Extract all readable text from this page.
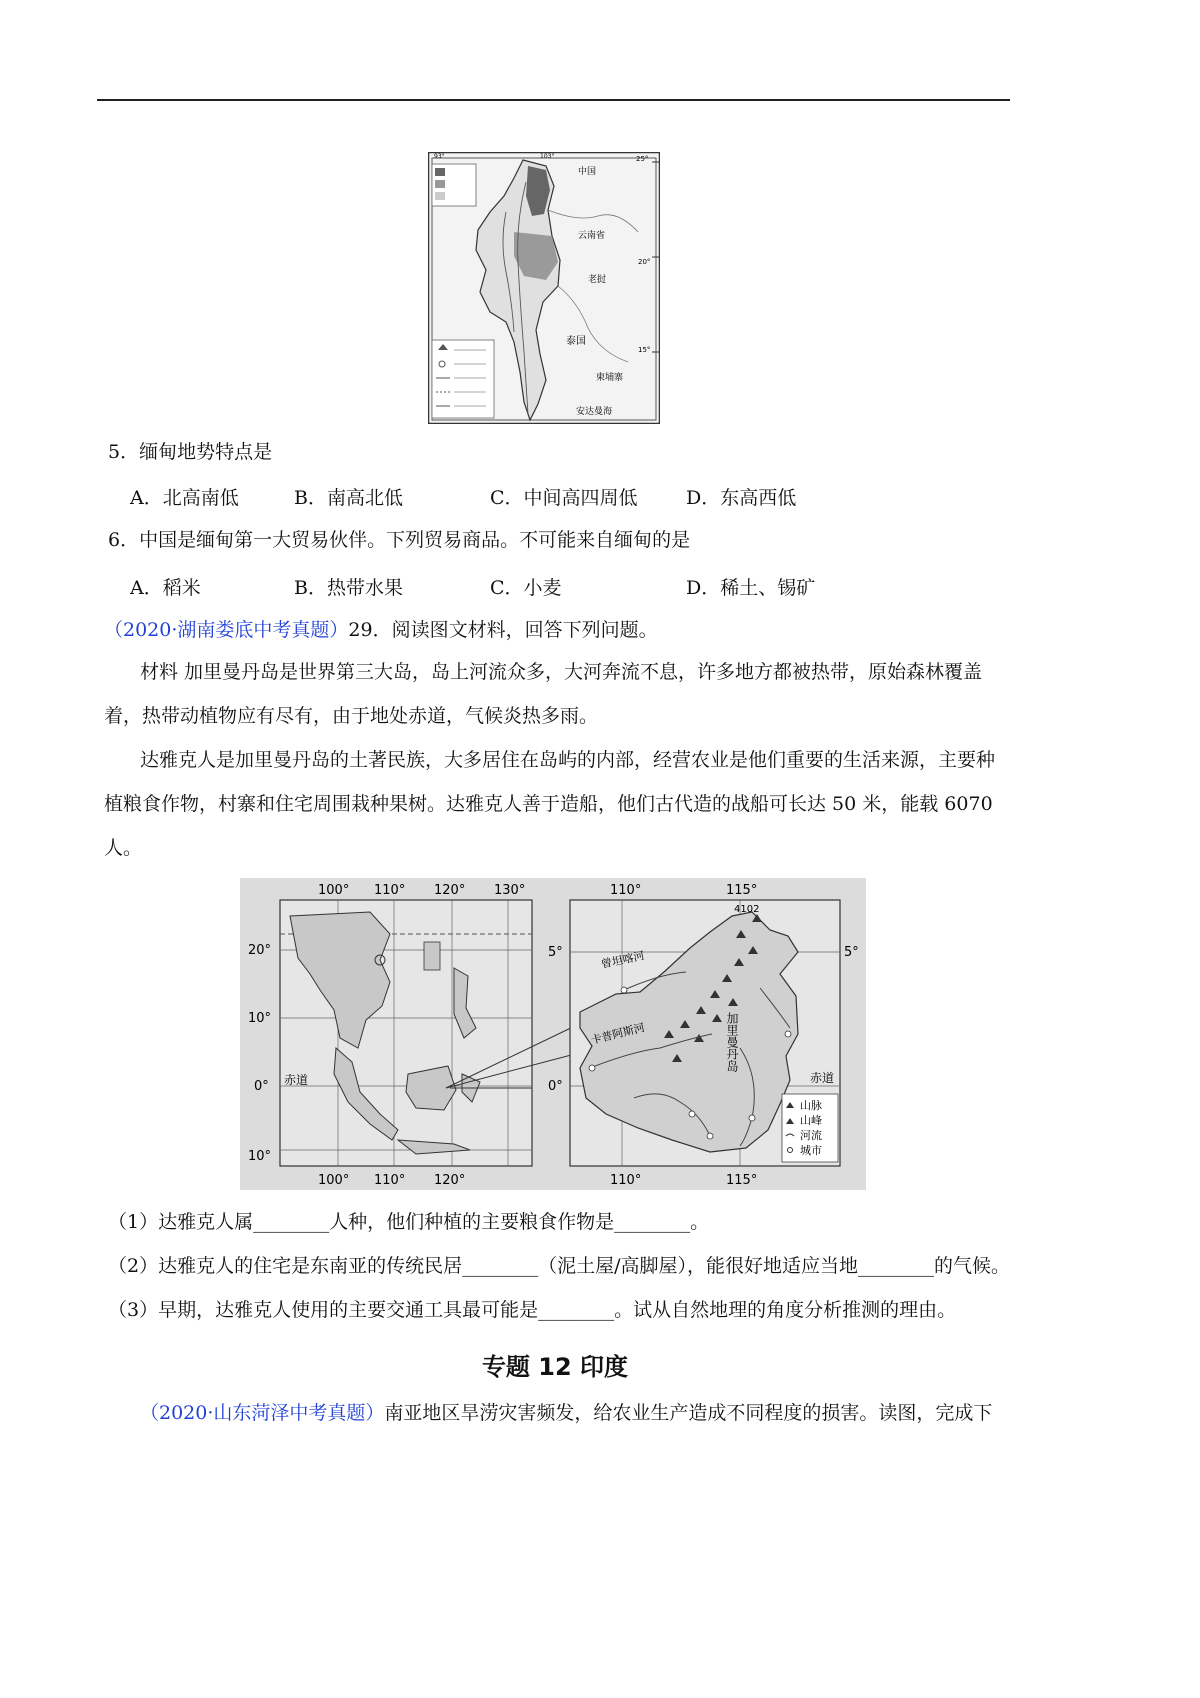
25°
20°
15°
93°	103°
中国
云南省
老挝
泰国
柬埔寨
安达曼海
5．缅甸地势特点是
A．北高南低	B．南高北低	C．中间高四周低	D．东高西低
6．中国是缅甸第一大贸易伙伴。下列贸易商品。不可能来自缅甸的是
A．稻米	B．热带水果	C．小麦	D．稀土、锡矿
（2020·湖南娄底中考真题）29．阅读图文材料，回答下列问题。
材料 加里曼丹岛是世界第三大岛，岛上河流众多，大河奔流不息，许多地方都被热带，原始森林覆盖着，热带动植物应有尽有，由于地处赤道，气候炎热多雨。
达雅克人是加里曼丹岛的土著民族，大多居住在岛屿的内部，经营农业是他们重要的生活来源，主要种植粮食作物，村寨和住宅周围栽种果树。达雅克人善于造船，他们古代造的战船可长达 50 米，能载 6070 人。
100° 110° 120° 130°
100° 110° 120°
20°
10°
0°
10°
赤道
110°	115°
110°	115°
5°	5°
0°
4102
曾坦喀河
卡普阿斯河	加里曼丹岛
赤道
山脉
山峰
河流
城市
（1）达雅克人属________人种，他们种植的主要粮食作物是________。
（2）达雅克人的住宅是东南亚的传统民居________（泥土屋/高脚屋），能很好地适应当地________的气候。
（3）早期，达雅克人使用的主要交通工具最可能是________。试从自然地理的角度分析推测的理由。
专题 12 印度
（2020·山东菏泽中考真题）南亚地区旱涝灾害频发，给农业生产造成不同程度的损害。读图，完成下
